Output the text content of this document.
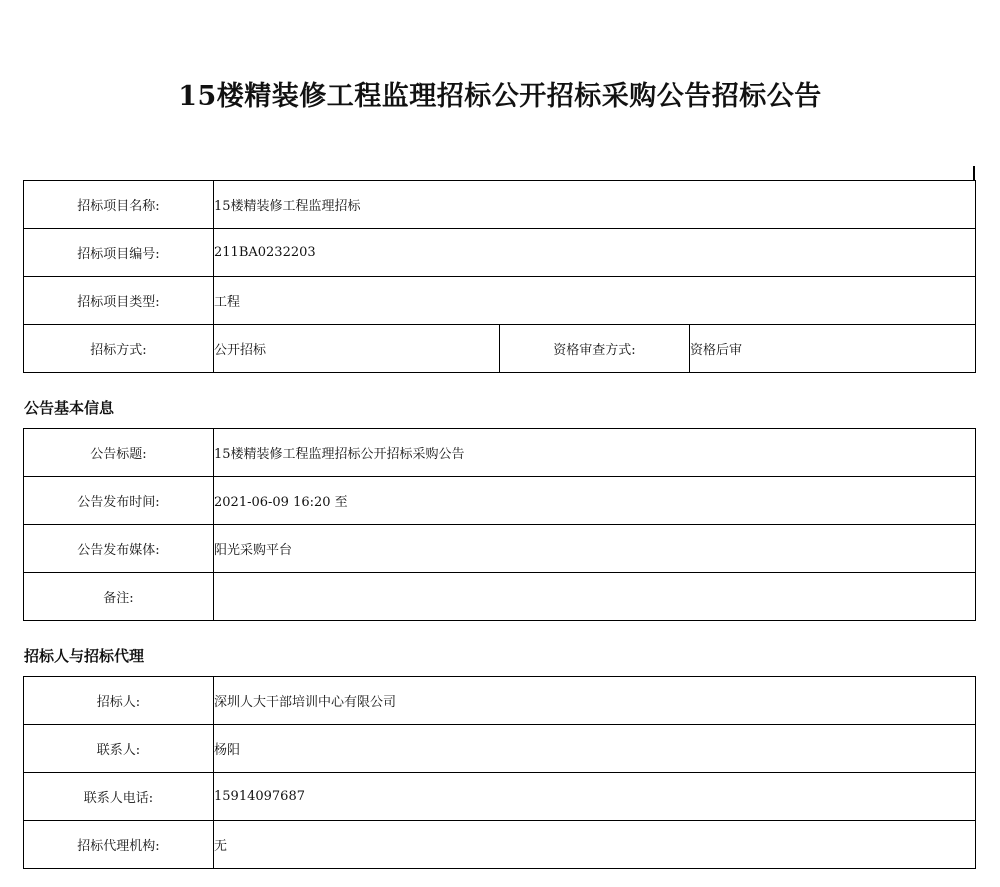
15楼精装修工程监理招标公开招标采购公告招标公告
招标项目名称:	15楼精装修工程监理招标		
招标项目编号:	211BA0232203		
招标项目类型:	工程		
招标方式:	公开招标	资格审查方式:	资格后审
公告基本信息
公告标题:	15楼精装修工程监理招标公开招标采购公告
公告发布时间:	2021-06-09 16:20 至
公告发布媒体:	阳光采购平台
备注:	
招标人与招标代理
招标人:	深圳人大干部培训中心有限公司
联系人:	杨阳
联系人电话:	15914097687
招标代理机构:	无
